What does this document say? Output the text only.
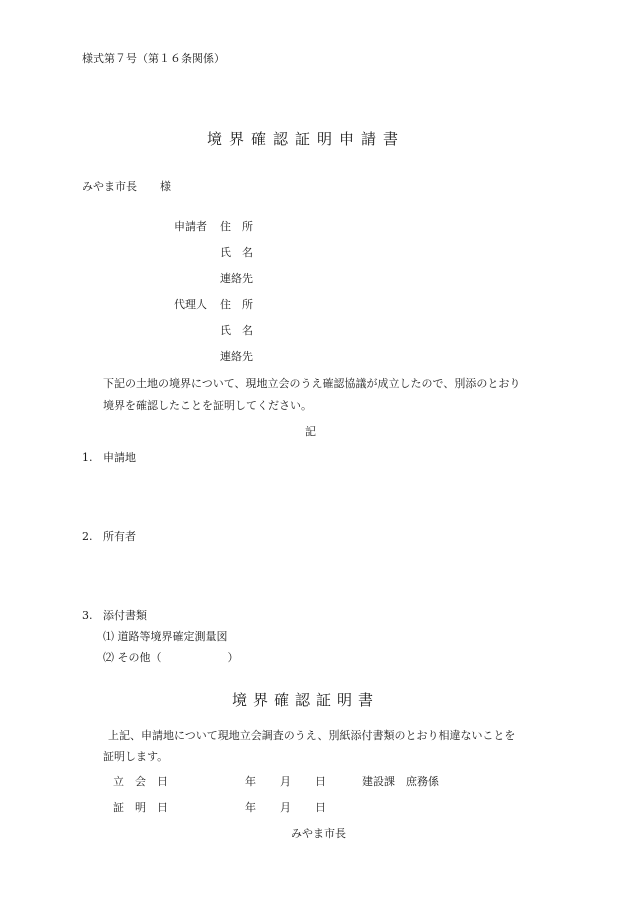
様式第７号（第１６条関係）
境界確認証明申請書
みやま市長 様
申請者 住　所
氏　名
連絡先
代理人 住　所
氏　名
連絡先
下記の土地の境界について、現地立会のうえ確認協議が成立したので、別添のとおり
境界を確認したことを証明してください。
記
1. 申請地
2. 所有者
3. 添付書類
⑴ 道路等境界確定測量図
⑵ その他（　　　　　　）
境界確認証明書
上記、申請地について現地立会調査のうえ、別紙添付書類のとおり相違ないことを
証明します。
立　会　日	年 月 日	建設課　庶務係
証　明　日	年 月 日
みやま市長
